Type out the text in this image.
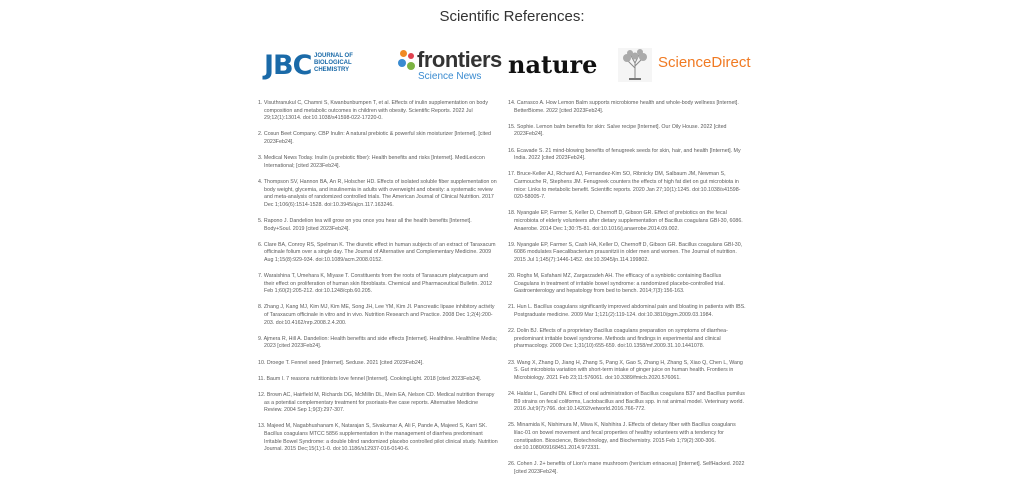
Scientific References:
JBC JOURNAL OF
BIOLOGICAL
CHEMISTRY	frontiers
Science News nature	ScienceDirect

1. Visuthranukul C, Chamni S, Kwanbunbumpen T, et al. Effects of inulin supplementation on body composition and metabolic outcomes in children with obesity. Scientific Reports. 2022 Jul 29;12(1):13014. doi:10.1038/s41598-022-17220-0.

2. Cosun Beet Company. CBP Inulin: A natural prebiotic & powerful skin moisturizer [Internet]. [cited 2023Feb24].

3. Medical News Today. Inulin (a prebiotic fiber): Health benefits and risks [Internet]. MediLexicon International; [cited 2023Feb24].

4. Thompson SV, Hannon BA, An R, Holscher HD. Effects of isolated soluble fiber supplementation on body weight, glycemia, and insulinemia in adults with overweight and obesity: a systematic review and meta-analysis of randomized controlled trials. The American Journal of Clinical Nutrition. 2017 Dec 1;106(6):1514-1528. doi:10.3945/ajcn.117.163246.

5. Rapono J. Dandelion tea will grow on you once you hear all the health benefits [Internet]. Body+Soul. 2019 [cited 2023Feb24].

6. Clare BA, Conroy RS, Spelman K. The diuretic effect in human subjects of an extract of Taraxacum officinale folium over a single day. The Journal of Alternative and Complementary Medicine. 2009 Aug 1;15(8):929-934. doi:10.1089/acm.2008.0152.

7. Waraishina T, Umehara K, Miyase T. Constituents from the roots of Taraxacum platycarpum and their effect on proliferation of human skin fibroblasts. Chemical and Pharmaceutical Bulletin. 2012 Feb 1;60(2):205-212. doi:10.1248/cpb.60.205.

8. Zhang J, Kang MJ, Kim MJ, Kim ME, Song JH, Lee YM, Kim JI. Pancreatic lipase inhibitory activity of Taraxacum officinale in vitro and in vivo. Nutrition Research and Practice. 2008 Dec 1;2(4):200-203. doi:10.4162/nrp.2008.2.4.200.

9. Ajmera R, Hill A. Dandelion: Health benefits and side effects [Internet]. Healthline. Healthline Media; 2023 [cited 2023Feb24].

10. Droege T. Fennel seed [Internet]. Seduse. 2021 [cited 2023Feb24].

11. Baum I. 7 reasons nutritionists love fennel [Internet]. CookingLight. 2018 [cited 2023Feb24].

12. Brown AC, Hairfield M, Richards DG, McMillin DL, Mein EA, Nelson CD. Medical nutrition therapy as a potential complementary treatment for psoriasis-five case reports. Alternative Medicine Review. 2004 Sep 1;9(3):297-307.

13. Majeed M, Nagabhushanam K, Natarajan S, Sivakumar A, Ali F, Pande A, Majeed S, Karri SK. Bacillus coagulans MTCC 5856 supplementation in the management of diarrhea predominant Irritable Bowel Syndrome: a double blind randomized placebo controlled pilot clinical study. Nutrition Journal. 2015 Dec;15(1):1-0. doi:10.1186/s12937-016-0140-6.

14. Carrasco A. How Lemon Balm supports microbiome health and whole-body wellness [Internet]. BetterBiome. 2022 [cited 2023Feb24].

15. Sophie. Lemon balm benefits for skin: Salve recipe [Internet]. Our Oily House. 2022 [cited 2023Feb24].

16. Ecavade S. 21 mind-blowing benefits of fenugreek seeds for skin, hair, and health [Internet]. My India. 2022 [cited 2023Feb24].

17. Bruce-Keller AJ, Richard AJ, Fernandez-Kim SO, Ribnicky DM, Salbaum JM, Newman S, Carmouche R, Stephens JM. Fenugreek counters the effects of high fat diet on gut microbiota in mice: Links to metabolic benefit. Scientific reports. 2020 Jan 27;10(1):1245. doi:10.1038/s41598-020-58005-7.

18. Nyangale EP, Farmer S, Keller D, Chernoff D, Gibson GR. Effect of prebiotics on the fecal microbiota of elderly volunteers after dietary supplementation of Bacillus coagulans GBI-30, 6086. Anaerobe. 2014 Dec 1;30:75-81. doi:10.1016/j.anaerobe.2014.09.002.

19. Nyangale EP, Farmer S, Cash HA, Keller D, Chernoff D, Gibson GR. Bacillus coagulans GBI-30, 6086 modulates Faecalibacterium prausnitzii in older men and women. The Journal of nutrition. 2015 Jul 1;145(7):1446-1452. doi:10.3945/jn.114.199802.

20. Roghs M, Esfahani MZ, Zargarzadeh AH. The efficacy of a synbiotic containing Bacillus Coagulans in treatment of irritable bowel syndrome: a randomized placebo-controlled trial. Gastroenterology and hepatology from bed to bench. 2014;7(3):156-163.

21. Hun L. Bacillus coagulans significantly improved abdominal pain and bloating in patients with IBS. Postgraduate medicine. 2009 Mar 1;121(2):119-124. doi:10.3810/pgm.2009.03.1984.

22. Dolin BJ. Effects of a proprietary Bacillus coagulans preparation on symptoms of diarrhea-predominant irritable bowel syndrome. Methods and findings in experimental and clinical pharmacology. 2009 Dec 1;31(10):655-659. doi:10.1358/mf.2009.31.10.1441078.

23. Wang X, Zhang D, Jiang H, Zhang S, Pang X, Gao S, Zhang H, Zhang S, Xiao Q, Chen L, Wang S. Gut microbiota variation with short-term intake of ginger juice on human health. Frontiers in Microbiology. 2021 Feb 23;11:576061. doi:10.3389/fmicb.2020.576061.

24. Haldar L, Gandhi DN. Effect of oral administration of Bacillus coagulans B37 and Bacillus pumilus B9 strains on fecal coliforms, Lactobacillus and Bacillus spp. in rat animal model. Veterinary world. 2016 Jul;9(7):766. doi:10.14202/vetworld.2016.766-772.

25. Minamida K, Nishimura M, Miwa K, Nishihira J. Effects of dietary fiber with Bacillus coagulans lilac-01 on bowel movement and fecal properties of healthy volunteers with a tendency for constipation. Bioscience, Biotechnology, and Biochemistry. 2015 Feb 1;79(2):300-306. doi:10.1080/09168451.2014.972331.

26. Cohen J. 2+ benefits of Lion's mane mushroom (hericium erinaceus) [Internet]. SelfHacked. 2022 [cited 2023Feb24].
